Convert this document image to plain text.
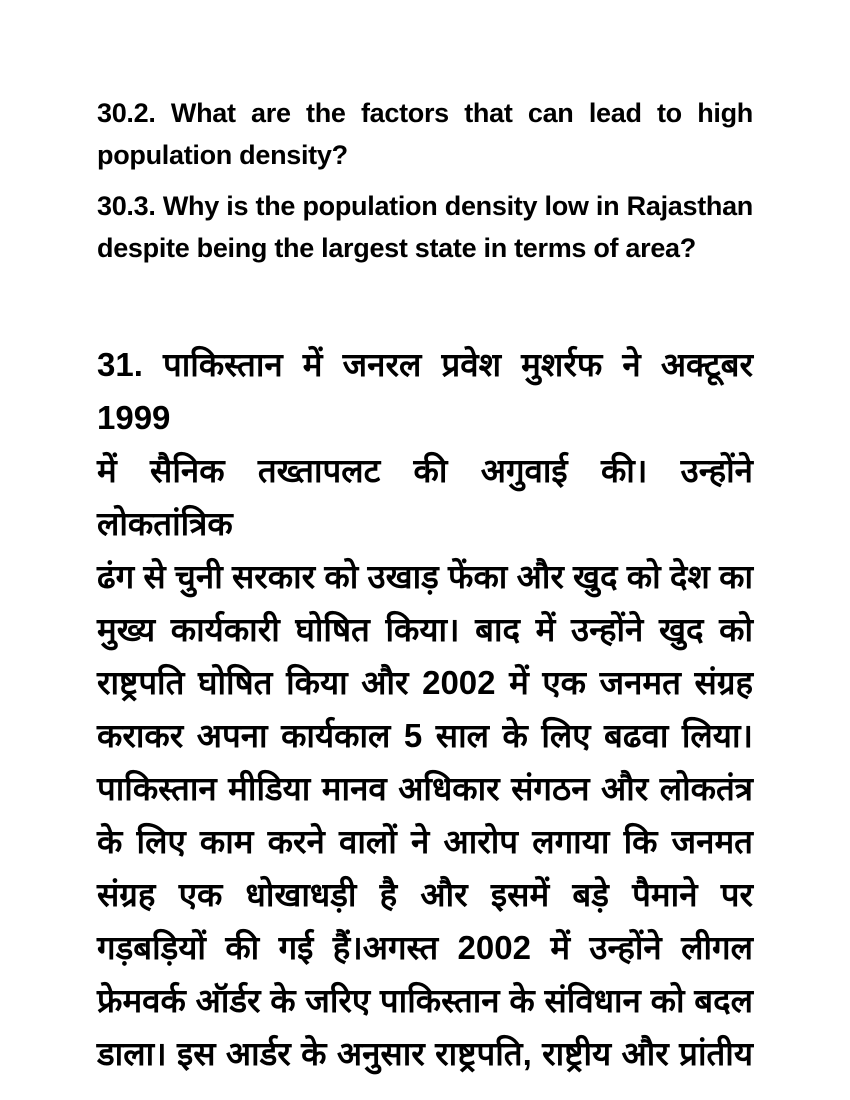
30.2. What are the factors that can lead to high
population density?
30.3. Why is the population density low in Rajasthan
despite being the largest state in terms of area?
31. पाकिस्तान में जनरल प्रवेश मुशर्रफ ने अक्टूबर 1999
में सैनिक तख्तापलट की अगुवाई की। उन्होंने लोकतांत्रिक
ढंग से चुनी सरकार को उखाड़ फेंका और खुद को देश का
मुख्य कार्यकारी घोषित किया। बाद में उन्होंने खुद को
राष्ट्रपति घोषित किया और 2002 में एक जनमत संग्रह
कराकर अपना कार्यकाल 5 साल के लिए बढवा लिया।
पाकिस्तान मीडिया मानव अधिकार संगठन और लोकतंत्र
के लिए काम करने वालों ने आरोप लगाया कि जनमत
संग्रह एक धोखाधड़ी है और इसमें बड़े पैमाने पर
गड़बड़ियों की गई हैं।अगस्त 2002 में उन्होंने लीगल
फ्रेमवर्क ऑर्डर के जरिए पाकिस्तान के संविधान को बदल
डाला। इस आर्डर के अनुसार राष्ट्रपति, राष्ट्रीय और प्रांतीय
